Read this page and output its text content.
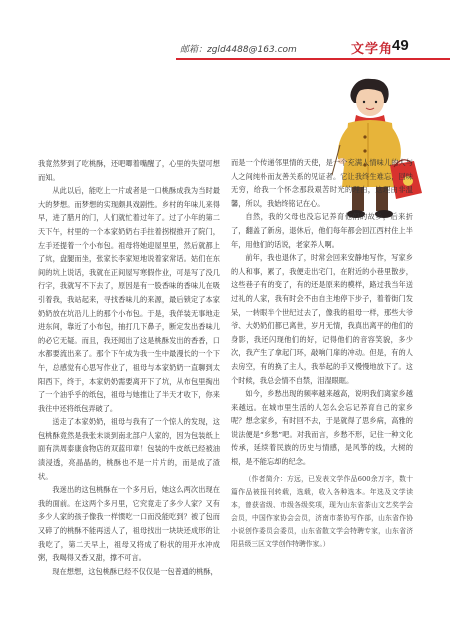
邮箱：zgld4488@163.com	文学角
49

我竟然梦到了吃桃酥，还吧唧着嘴醒了，心里的失望可想而知。

从此以后，能吃上一片或者是一口桃酥成我为当时最大的梦想。而梦想的实现颇具戏剧性。乡村的年味儿来得早，进了腊月的门，人们就忙着过年了。过了小年的第二天下午，村里的一个本家奶奶右手拄着拐棍推开了院门，左手还提着一个小布包。祖母将她迎屋里里，然后就都上了炕，盘腿而坐，张家长李家短地说着家常话。姑们在东间的坑上说话，我就在正间屋写寒假作业，可是写了没几行字，我就写不下去了，原因是有一股香味的香味儿在吸引着我，我站起来，寻找香味儿的来源，最后锁定了本家奶奶放在坑沿儿上的那个小布包。于是，我佯装无事地走进东间，靠近了小布包，抽打几下鼻子，断定发出香味儿的必它无疑。而且，我还闻出了这是桃酥发出的香香，口水都要流出来了。那个下午成为我一生中最漫长的一个下午，总感觉有心思写作业了，祖母与本家奶奶一直聊到太阳西下，终于，本家奶奶需要离开下了坑，从布包里掏出了一个油乎乎的纸包，祖母与她推让了半天才收下，你来我往中还将纸包弄破了。

送走了本家奶奶，祖母与我有了一个惊人的发现，这包桃酥竟然是我张未谈到南北部户人家的，因为包装纸上面有洪周泰康食物店的双蓝印章！包装的牛皮纸已经被油渍浸透，亮晶晶的，桃酥也不是一片片的，而是成了渣状。

我迷出的这包桃酥在一个多月后，她这么两次出现在我的面前。在这两个多月里，它究竟走了多少人家？又有多少人家的孩子像我一样惯吃一口而没能吃到？被了包而又碎了的桃酥不能再送人了，祖母找出一块块还成形的让我吃了，第二天早上，祖母又将成了粉状的用开水冲成粥，我喝得又香又甜，撑不可言。

现在想想，这包桃酥已经不仅仅是一包普通的桃酥，

而是一个传递邻里情的天使，是一个充满人情味儿的人与人之间纯朴而友善关系的见证者。它让我终生难忘，回味无穷，给我一个怀念那段艰苦时光的理由，这理由非温馨，所以，我始终铭记在心。

自然，我的父母也没忘记养育他们的故乡，后来折了，翻盖了新房，退休后，他们每年都会回江西村住上半年，用他们的话说，老家养人啊。

前年，我也退休了，时常会回来安静地写作，写家乡的人和事，累了，我便走出宅门，在附近的小巷里散步，这些巷子有的变了，有的还是原来的模样，路过我当年送过礼的人家，我有时会不由自主地停下步子，着着街门发呆，一转眼半个世纪过去了，像我的祖母一样，那些大爷爷、大奶奶们都已离世，岁月无情，我真出离平的他们的身影，我还闪现他们的好，记得他们的音容笑貌，多少次，我产生了拿起门环，敲响门扉的冲动。但是，有的人去房空，有的换了主人，我举起的手又慢慢地放下了。这个时候，我总会情不自禁，泪湿眼眶。

如今，乡愁出现的频率越来越高，说明我们离家乡越来越远。在城市里生活的人怎么会忘记养育自己的家乡呢？想念家乡，有时回不去，于是就得了思乡病，高雅的说法便是“乡愁”吧。对我而言，乡愁不形，记住一种文化传承，延续着民族的历史与情感，是风筝的线，大树的根，是不能忘却的纪念。

（作者简介：方远，已发表文学作品600余万字，数十篇作品被报刊转载，选载，收入各种选本。年选及文学读本，曾获省级、市级各级奖项，现为山东省茶山文艺奖学会会员，中国作家协会会员，济南市茶协写作部，山东省作协小说创作委员会委员，山东省散文学会特聘专家，山东省济阳县级三区文学创作特聘作家。）
